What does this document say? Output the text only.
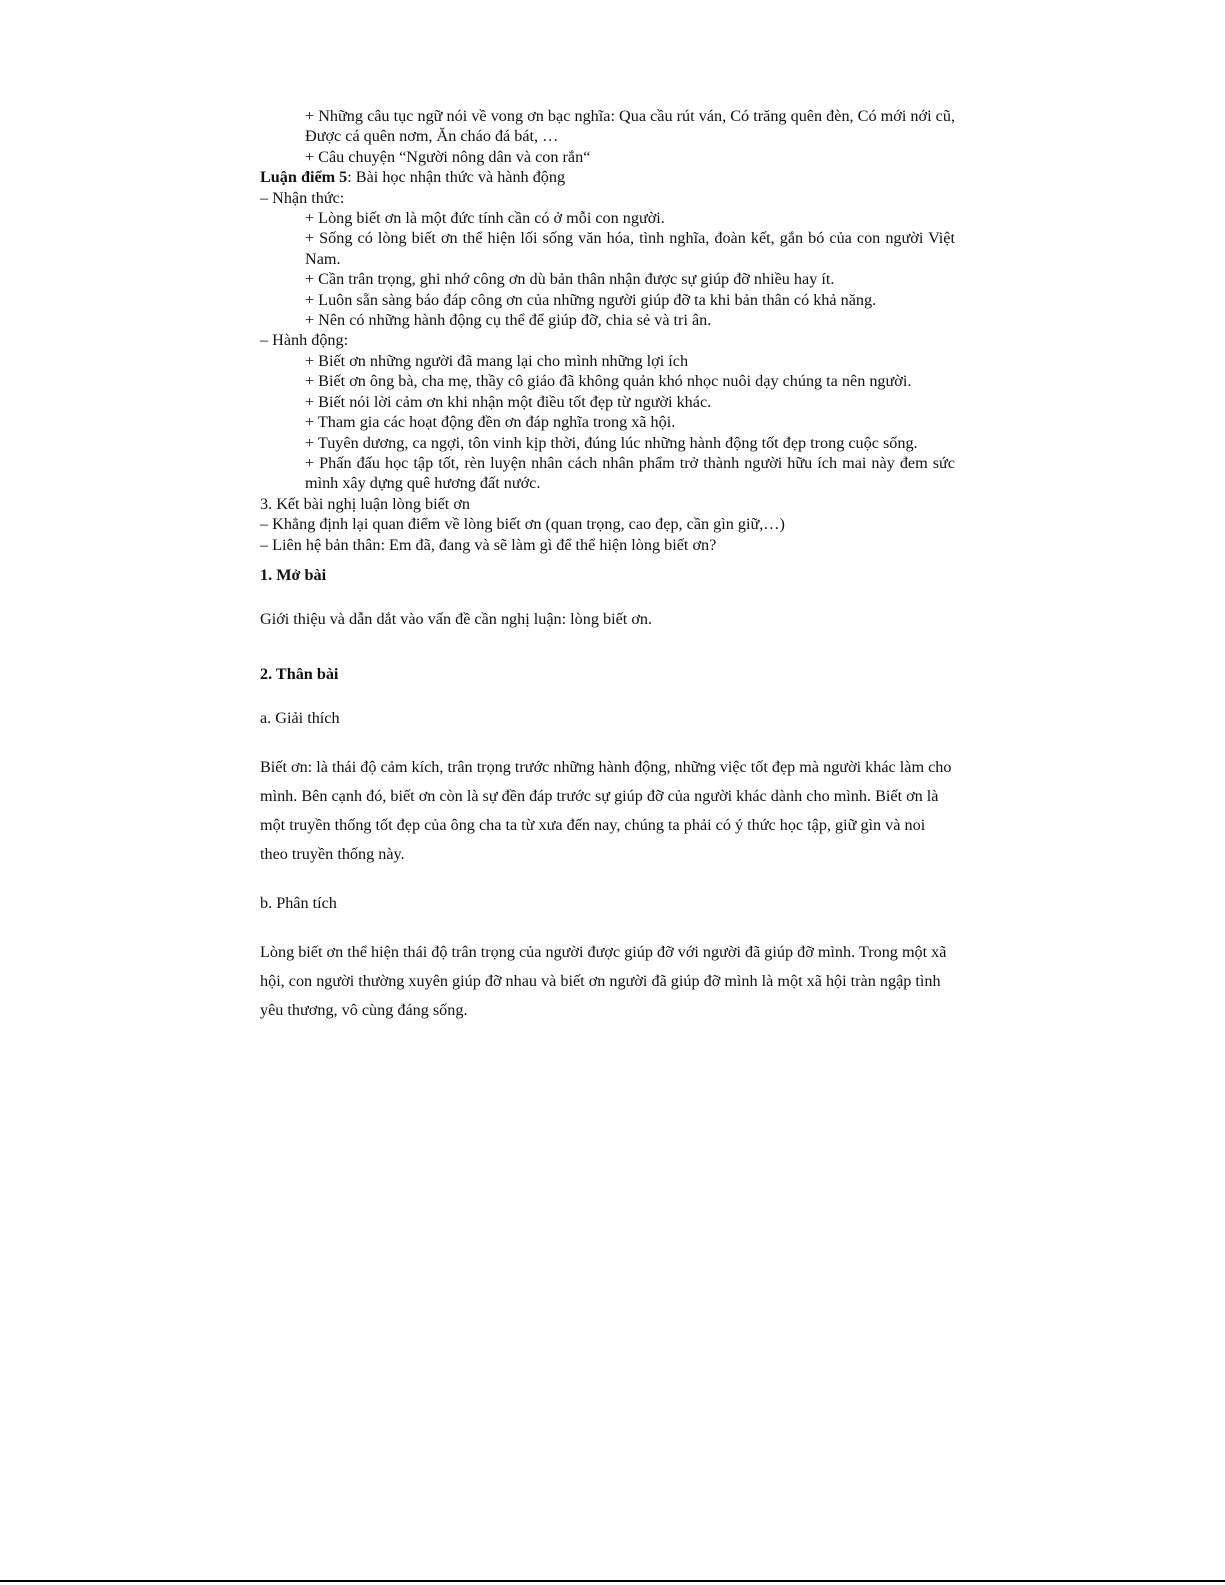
+ Những câu tục ngữ nói về vong ơn bạc nghĩa: Qua cầu rút ván, Có trăng quên đèn, Có mới nới cũ, Được cá quên nơm, Ăn cháo đá bát, …

+ Câu chuyện “Người nông dân và con rắn“

Luận điểm 5: Bài học nhận thức và hành động

– Nhận thức:

+ Lòng biết ơn là một đức tính cần có ở mỗi con người.

+ Sống có lòng biết ơn thể hiện lối sống văn hóa, tình nghĩa, đoàn kết, gắn bó của con người Việt Nam.

+ Cần trân trọng, ghi nhớ công ơn dù bản thân nhận được sự giúp đỡ nhiều hay ít.

+ Luôn sẵn sàng báo đáp công ơn của những người giúp đỡ ta khi bản thân có khả năng.

+ Nên có những hành động cụ thể để giúp đỡ, chia sẻ và tri ân.

– Hành động:

+ Biết ơn những người đã mang lại cho mình những lợi ích

+ Biết ơn ông bà, cha mẹ, thầy cô giáo đã không quản khó nhọc nuôi dạy chúng ta nên người.

+ Biết nói lời cảm ơn khi nhận một điều tốt đẹp từ người khác.

+ Tham gia các hoạt động đền ơn đáp nghĩa trong xã hội.

+ Tuyên dương, ca ngợi, tôn vinh kịp thời, đúng lúc những hành động tốt đẹp trong cuộc sống.

+ Phấn đấu học tập tốt, rèn luyện nhân cách nhân phẩm trở thành người hữu ích mai này đem sức mình xây dựng quê hương đất nước.

3. Kết bài nghị luận lòng biết ơn

– Khẳng định lại quan điểm về lòng biết ơn (quan trọng, cao đẹp, cần gìn giữ,…)

– Liên hệ bản thân: Em đã, đang và sẽ làm gì để thể hiện lòng biết ơn?

1. Mở bài

Giới thiệu và dẫn dắt vào vấn đề cần nghị luận: lòng biết ơn.

2. Thân bài

a. Giải thích

Biết ơn: là thái độ cảm kích, trân trọng trước những hành động, những việc tốt đẹp mà người khác làm cho mình. Bên cạnh đó, biết ơn còn là sự đền đáp trước sự giúp đỡ của người khác dành cho mình. Biết ơn là một truyền thống tốt đẹp của ông cha ta từ xưa đến nay, chúng ta phải có ý thức học tập, giữ gìn và noi theo truyền thống này.

b. Phân tích

Lòng biết ơn thể hiện thái độ trân trọng của người được giúp đỡ với người đã giúp đỡ mình. Trong một xã hội, con người thường xuyên giúp đỡ nhau và biết ơn người đã giúp đỡ mình là một xã hội tràn ngập tình yêu thương, vô cùng đáng sống.
